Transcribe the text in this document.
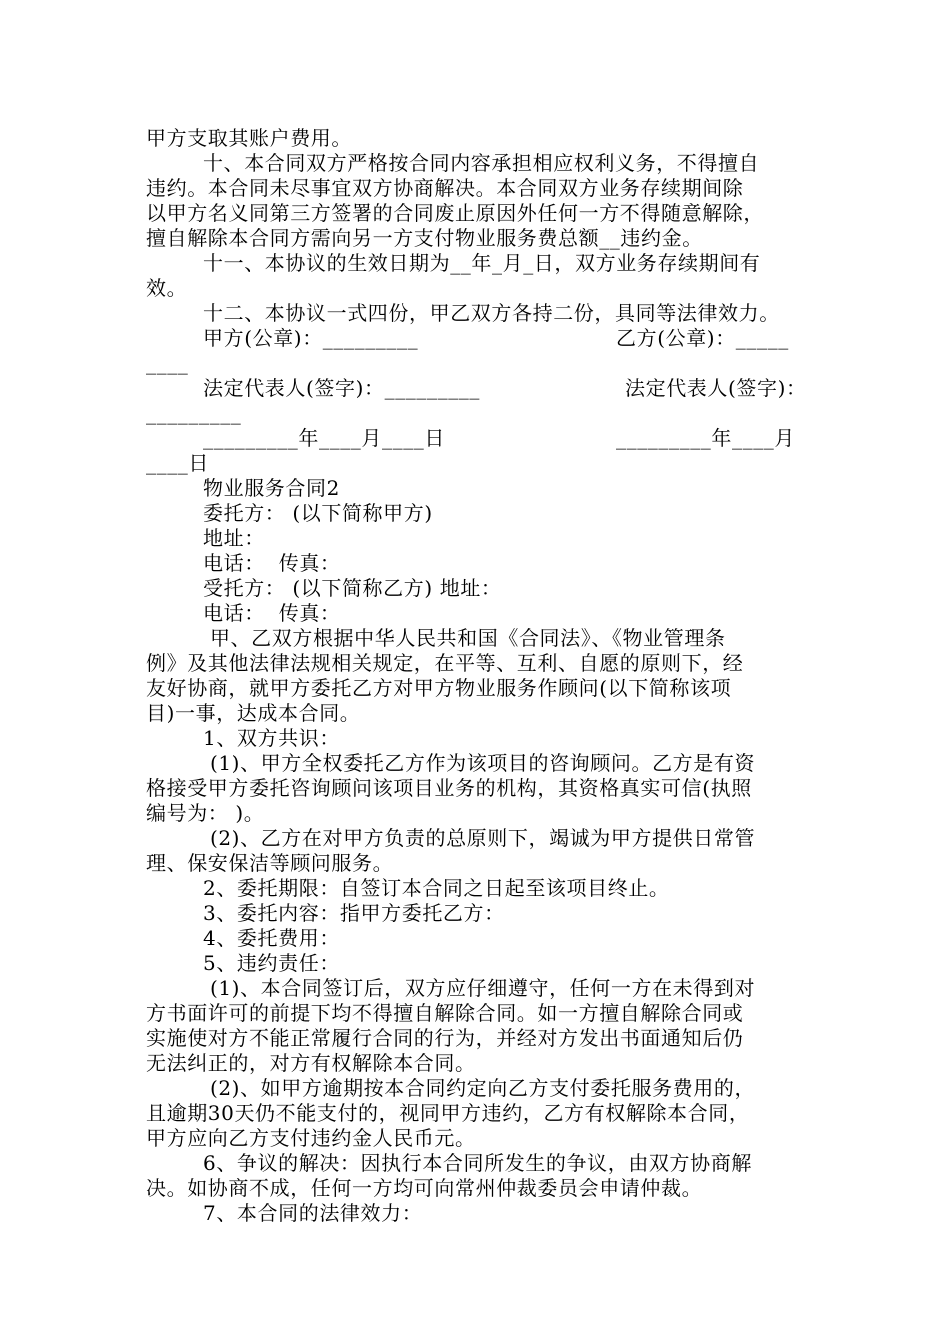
甲方支取其账户费用。
十、本合同双方严格按合同内容承担相应权利义务，不得擅自
违约。本合同未尽事宜双方协商解决。本合同双方业务存续期间除
以甲方名义同第三方签署的合同废止原因外任何一方不得随意解除，
擅自解除本合同方需向另一方支付物业服务费总额__违约金。
十一、本协议的生效日期为__年_月_日，双方业务存续期间有
效。
十二、本协议一式四份，甲乙双方各持二份，具同等法律效力。
甲方(公章)：_________	乙方(公章)：_____
____
法定代表人(签字)：_________	法定代表人(签字)：
_________
_________年____月____日	_________年____月
____日
物业服务合同2
委托方： (以下简称甲方)
地址：
电话：  传真：
受托方： (以下简称乙方) 地址：
电话：  传真：
甲、乙双方根据中华人民共和国《合同法》、《物业管理条
例》及其他法律法规相关规定，在平等、互利、自愿的原则下，经
友好协商，就甲方委托乙方对甲方物业服务作顾问(以下简称该项
目)一事，达成本合同。
1、双方共识：
(1)、甲方全权委托乙方作为该项目的咨询顾问。乙方是有资
格接受甲方委托咨询顾问该项目业务的机构，其资格真实可信(执照
编号为： )。
(2)、乙方在对甲方负责的总原则下，竭诚为甲方提供日常管
理、保安保洁等顾问服务。
2、委托期限：自签订本合同之日起至该项目终止。
3、委托内容：指甲方委托乙方：
4、委托费用：
5、违约责任：
(1)、本合同签订后，双方应仔细遵守，任何一方在未得到对
方书面许可的前提下均不得擅自解除合同。如一方擅自解除合同或
实施使对方不能正常履行合同的行为，并经对方发出书面通知后仍
无法纠正的，对方有权解除本合同。
(2)、如甲方逾期按本合同约定向乙方支付委托服务费用的，
且逾期30天仍不能支付的，视同甲方违约，乙方有权解除本合同，
甲方应向乙方支付违约金人民币元。
6、争议的解决：因执行本合同所发生的争议，由双方协商解
决。如协商不成，任何一方均可向常州仲裁委员会申请仲裁。
7、本合同的法律效力：
